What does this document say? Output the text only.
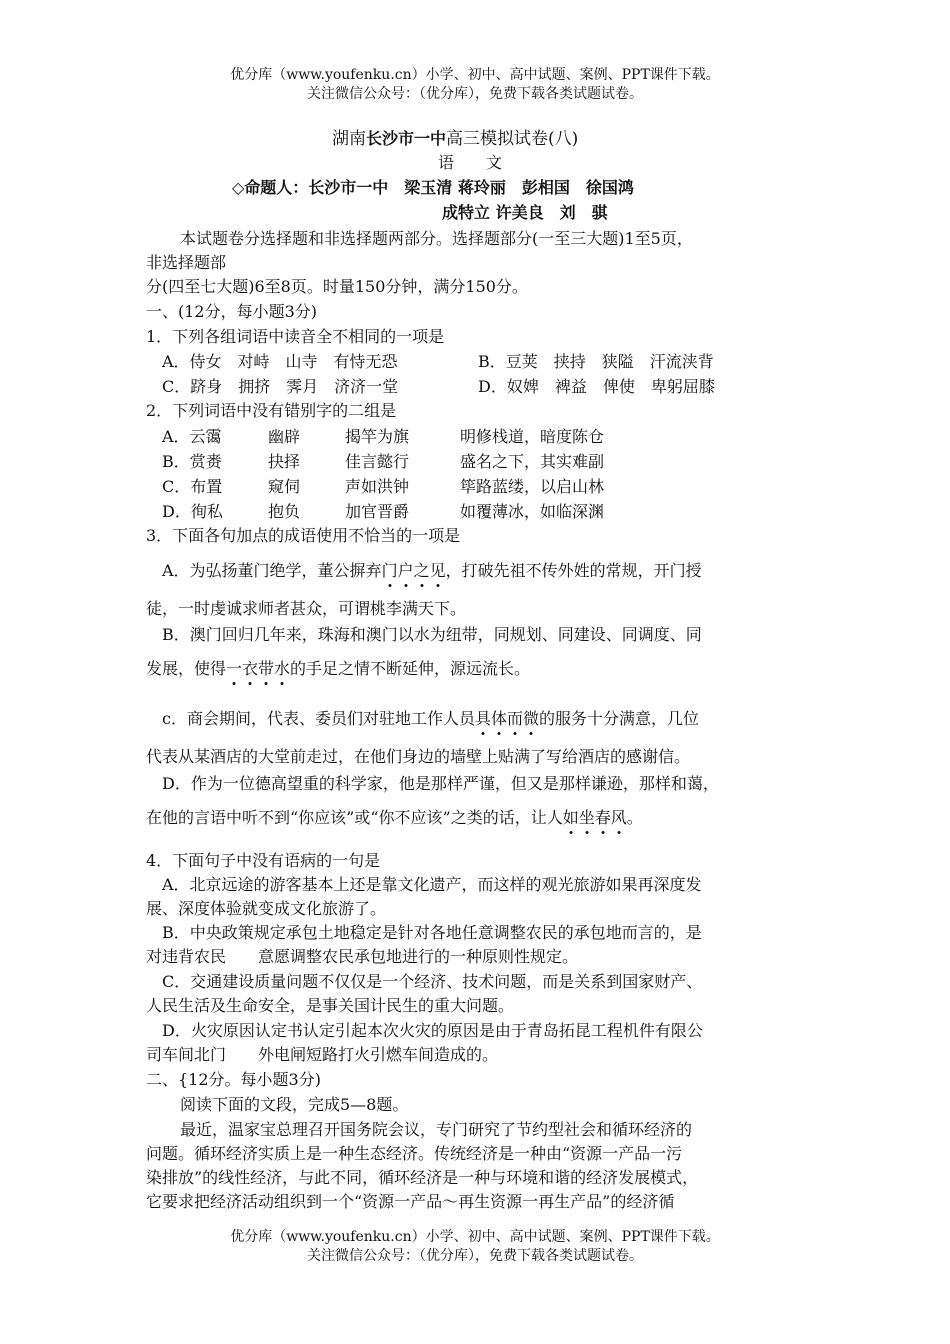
优分库（www.youfenku.cn）小学、初中、高中试题、案例、PPT课件下载。
关注微信公众号：（优分库），免费下载各类试题试卷。
湖南长沙市一中高三模拟试卷(八)
语　　文
◇命题人：长沙市一中　梁玉清 蒋玲丽　彭相国　徐国鸿
成特立 许美良　刘　骐
本试题卷分选择题和非选择题两部分。选择题部分(一至三大题)1至5页，
非选择题部
分(四至七大题)6至8页。时量150分钟，满分150分。
一、(12分，每小题3分)
1．下列各组词语中读音全不相同的一项是
A．侍女　对峙　山寺　有恃无恐	B．豆荚　挟持　狭隘　汗流浃背
C．跻身　拥挤　霁月　济济一堂	D．奴婢　裨益　俾使　卑躬屈膝
2．下列词语中没有错别字的二组是
A．云霭	幽辟	揭竿为旗	明修栈道，暗度陈仓
B．赏赉	抉择	佳言懿行	盛名之下，其实难副
C．布置	窥伺	声如洪钟	筚路蓝缕，以启山林
D．徇私	抱负	加官晋爵	如覆薄冰，如临深渊
3．下面各句加点的成语使用不恰当的一项是
A．为弘扬董门绝学，董公摒弃门户之见，打破先祖不传外姓的常规，开门授
徒，一时虔诚求师者甚众，可谓桃李满天下。
B．澳门回归几年来，珠海和澳门以水为纽带，同规划、同建设、同调度、同
发展，使得一衣带水的手足之情不断延伸，源远流长。
c．商会期间，代表、委员们对驻地工作人员具体而微的服务十分满意，几位
代表从某酒店的大堂前走过，在他们身边的墙壁上贴满了写给酒店的感谢信。
D．作为一位德高望重的科学家，他是那样严谨，但又是那样谦逊，那样和蔼，
在他的言语中听不到“你应该”或“你不应该”之类的话，让人如坐春风。
4．下面句子中没有语病的一句是
A．北京远途的游客基本上还是靠文化遗产，而这样的观光旅游如果再深度发
展、深度体验就变成文化旅游了。
B．中央政策规定承包土地稳定是针对各地任意调整农民的承包地而言的，是
对违背农民　　意愿调整农民承包地进行的一种原则性规定。
C．交通建设质量问题不仅仅是一个经济、技术问题，而是关系到国家财产、
人民生活及生命安全，是事关国计民生的重大问题。
D．火灾原因认定书认定引起本次火灾的原因是由于青岛拓昆工程机件有限公
司车间北门　　外电闸短路打火引燃车间造成的。
二、{12分。每小题3分)
阅读下面的文段，完成5—8题。
最近，温家宝总理召开国务院会议，专门研究了节约型社会和循环经济的
问题。循环经济实质上是一种生态经济。传统经济是一种由“资源一产品一污
染排放”的线性经济，与此不同，循环经济是一种与环境和谐的经济发展模式，
它要求把经济活动组织到一个“资源一产品～再生资源一再生产品”的经济循
优分库（www.youfenku.cn）小学、初中、高中试题、案例、PPT课件下载。
关注微信公众号：（优分库），免费下载各类试题试卷。
